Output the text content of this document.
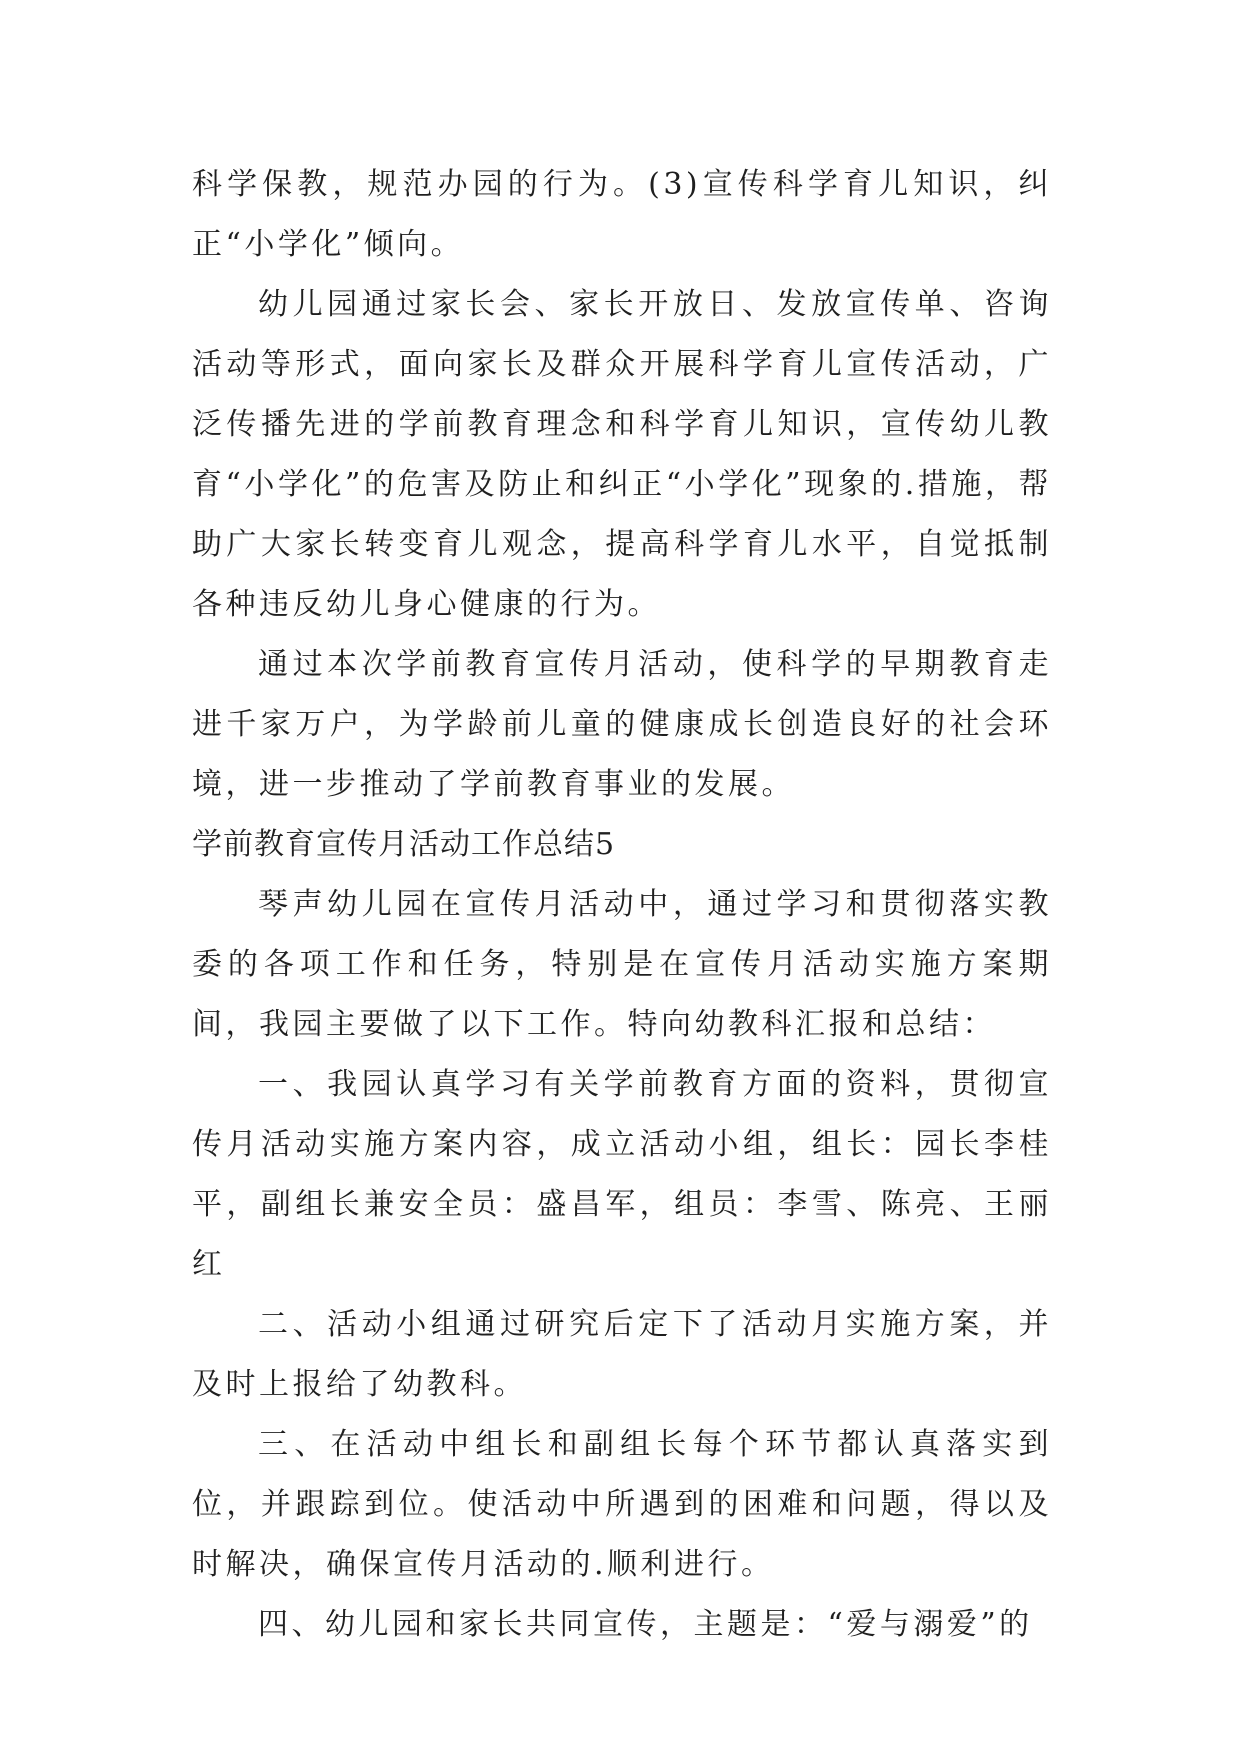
科学保教，规范办园的行为。(3)宣传科学育儿知识，纠正“小学化”倾向。

幼儿园通过家长会、家长开放日、发放宣传单、咨询活动等形式，面向家长及群众开展科学育儿宣传活动，广泛传播先进的学前教育理念和科学育儿知识，宣传幼儿教育“小学化”的危害及防止和纠正“小学化”现象的.措施，帮助广大家长转变育儿观念，提高科学育儿水平，自觉抵制各种违反幼儿身心健康的行为。

通过本次学前教育宣传月活动，使科学的早期教育走进千家万户，为学龄前儿童的健康成长创造良好的社会环境，进一步推动了学前教育事业的发展。

学前教育宣传月活动工作总结5

琴声幼儿园在宣传月活动中，通过学习和贯彻落实教委的各项工作和任务，特别是在宣传月活动实施方案期间，我园主要做了以下工作。特向幼教科汇报和总结：

一、我园认真学习有关学前教育方面的资料，贯彻宣传月活动实施方案内容，成立活动小组，组长：园长李桂平，副组长兼安全员：盛昌军，组员：李雪、陈亮、王丽红

二、活动小组通过研究后定下了活动月实施方案，并及时上报给了幼教科。

三、在活动中组长和副组长每个环节都认真落实到位，并跟踪到位。使活动中所遇到的困难和问题，得以及时解决，确保宣传月活动的.顺利进行。

四、幼儿园和家长共同宣传，主题是：“爱与溺爱”的
